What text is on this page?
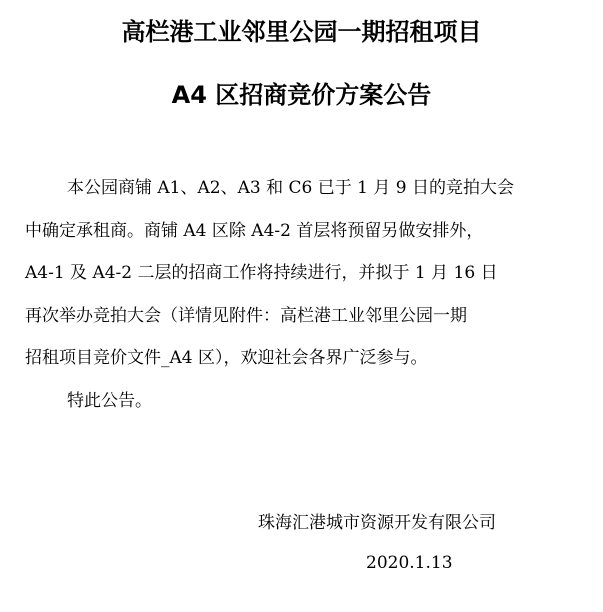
高栏港工业邻里公园一期招租项目
A4 区招商竞价方案公告
本公园商铺 A1、A2、A3 和 C6 已于 1 月 9 日的竞拍大会
中确定承租商。商铺 A4 区除 A4-2 首层将预留另做安排外，
A4-1 及 A4-2 二层的招商工作将持续进行，并拟于 1 月 16 日
再次举办竞拍大会（详情见附件：高栏港工业邻里公园一期
招租项目竞价文件_A4 区），欢迎社会各界广泛参与。
特此公告。
珠海汇港城市资源开发有限公司
2020.1.13
